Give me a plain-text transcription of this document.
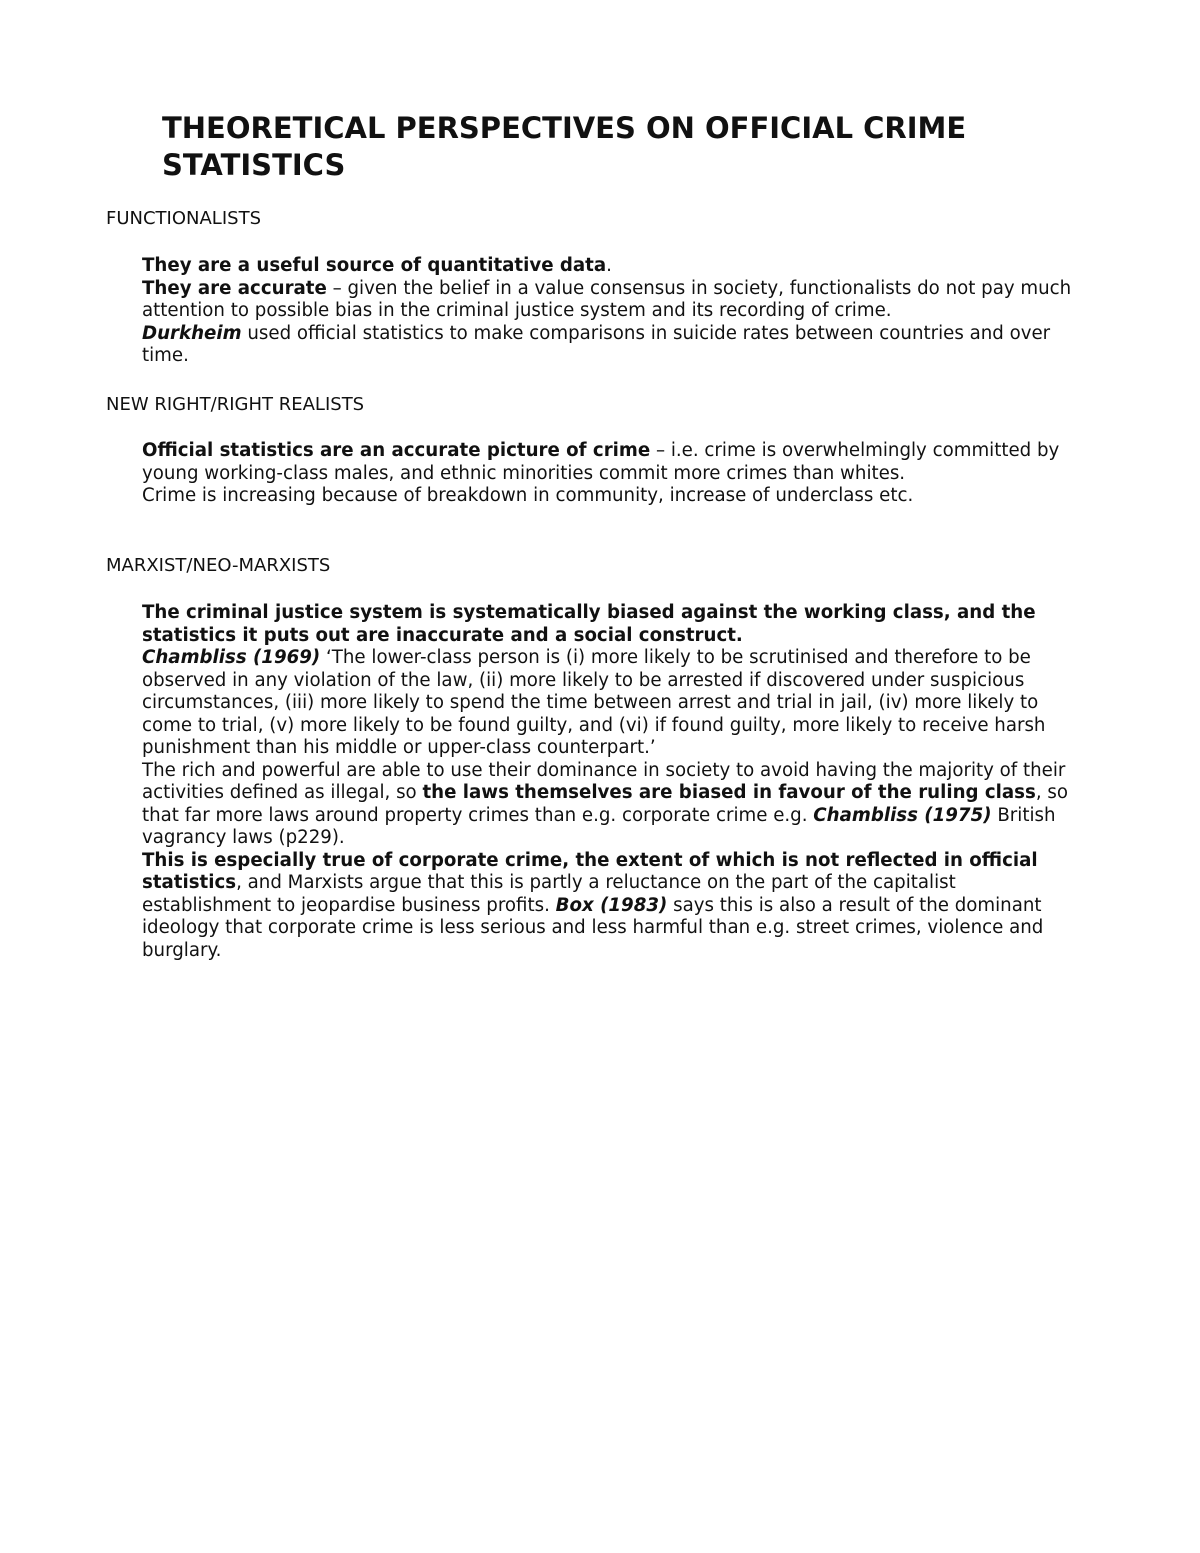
THEORETICAL PERSPECTIVES ON OFFICIAL CRIME STATISTICS
FUNCTIONALISTS

They are a useful source of quantitative data.

They are accurate – given the belief in a value consensus in society, functionalists do not pay much attention to possible bias in the criminal justice system and its recording of crime.

Durkheim used official statistics to make comparisons in suicide rates between countries and over time.

NEW RIGHT/RIGHT REALISTS

Official statistics are an accurate picture of crime – i.e. crime is overwhelmingly committed by young working-class males, and ethnic minorities commit more crimes than whites.

Crime is increasing because of breakdown in community, increase of underclass etc.

MARXIST/NEO-MARXISTS

The criminal justice system is systematically biased against the working class, and the statistics it puts out are inaccurate and a social construct.

Chambliss (1969) ‘The lower-class person is (i) more likely to be scrutinised and therefore to be observed in any violation of the law, (ii) more likely to be arrested if discovered under suspicious circumstances, (iii) more likely to spend the time between arrest and trial in jail, (iv) more likely to come to trial, (v) more likely to be found guilty, and (vi) if found guilty, more likely to receive harsh punishment than his middle or upper-class counterpart.’

The rich and powerful are able to use their dominance in society to avoid having the majority of their activities defined as illegal, so the laws themselves are biased in favour of the ruling class, so that far more laws around property crimes than e.g. corporate crime e.g. Chambliss (1975) British vagrancy laws (p229).

This is especially true of corporate crime, the extent of which is not reflected in official statistics, and Marxists argue that this is partly a reluctance on the part of the capitalist establishment to jeopardise business profits. Box (1983) says this is also a result of the dominant ideology that corporate crime is less serious and less harmful than e.g. street crimes, violence and burglary.
